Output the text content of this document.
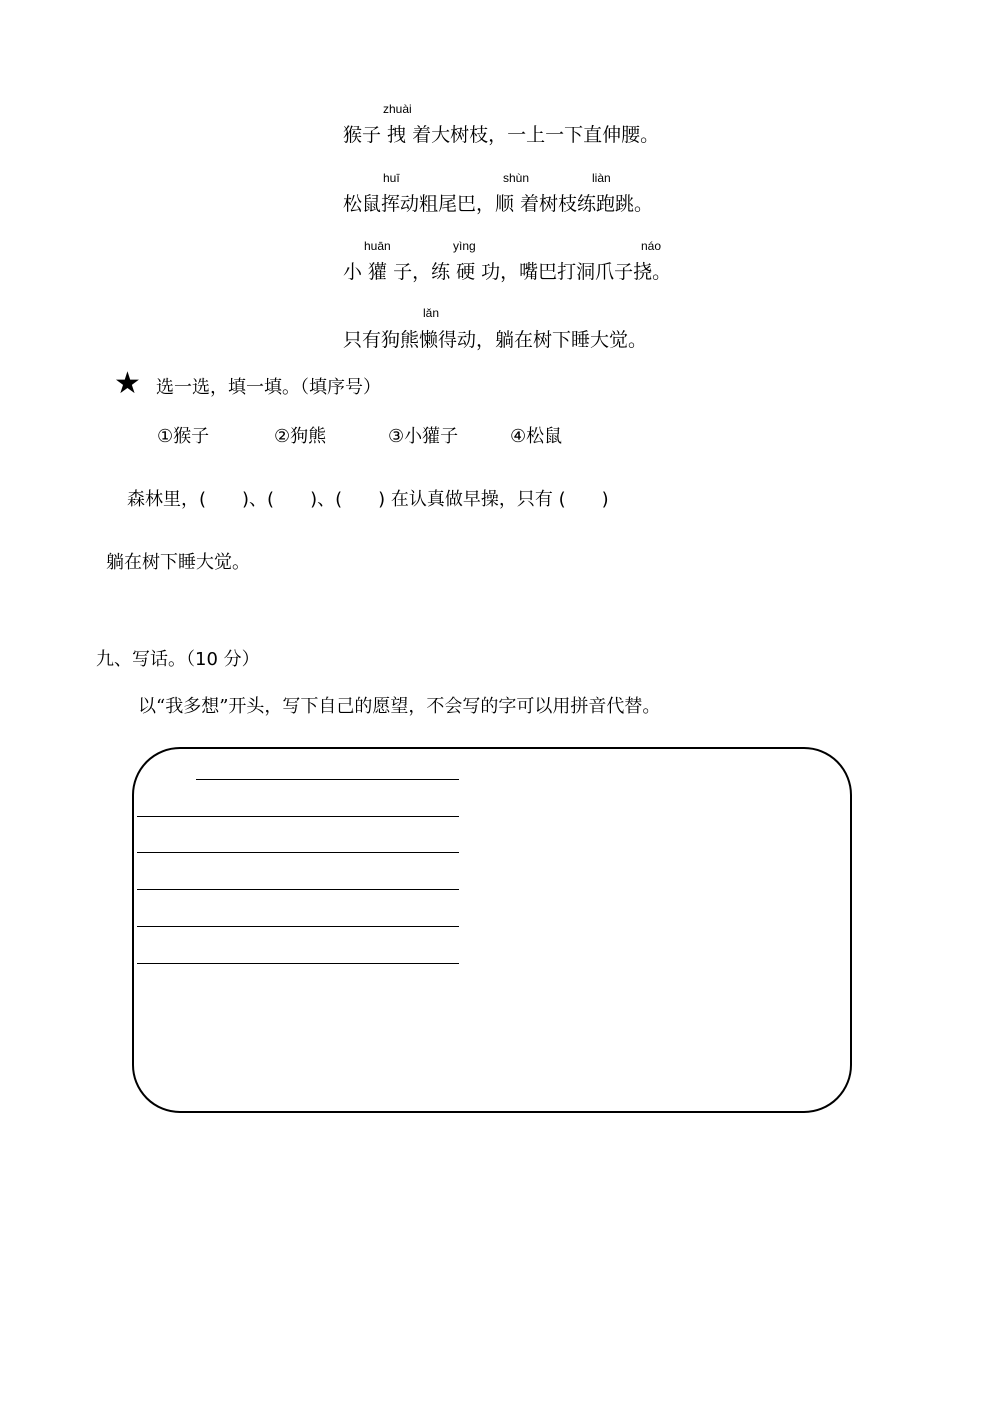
zhuài
猴子 拽 着大树枝，一上一下直伸腰。
huī	shùn	liàn
松鼠挥动粗尾巴，顺 着树枝练跑跳。
huān	yìng	náo
小 獾 子，练 硬 功，嘴巴打洞爪子挠。
lǎn
只有狗熊懒得动，躺在树下睡大觉。
★ 选一选，填一填。（填序号）
①猴子	②狗熊	③小獾子	④松鼠
森林里，(　　)、(　　)、(　　) 在认真做早操，只有 (　　)
躺在树下睡大觉。
九、写话。（10 分）
以“我多想”开头，写下自己的愿望，不会写的字可以用拼音代替。
